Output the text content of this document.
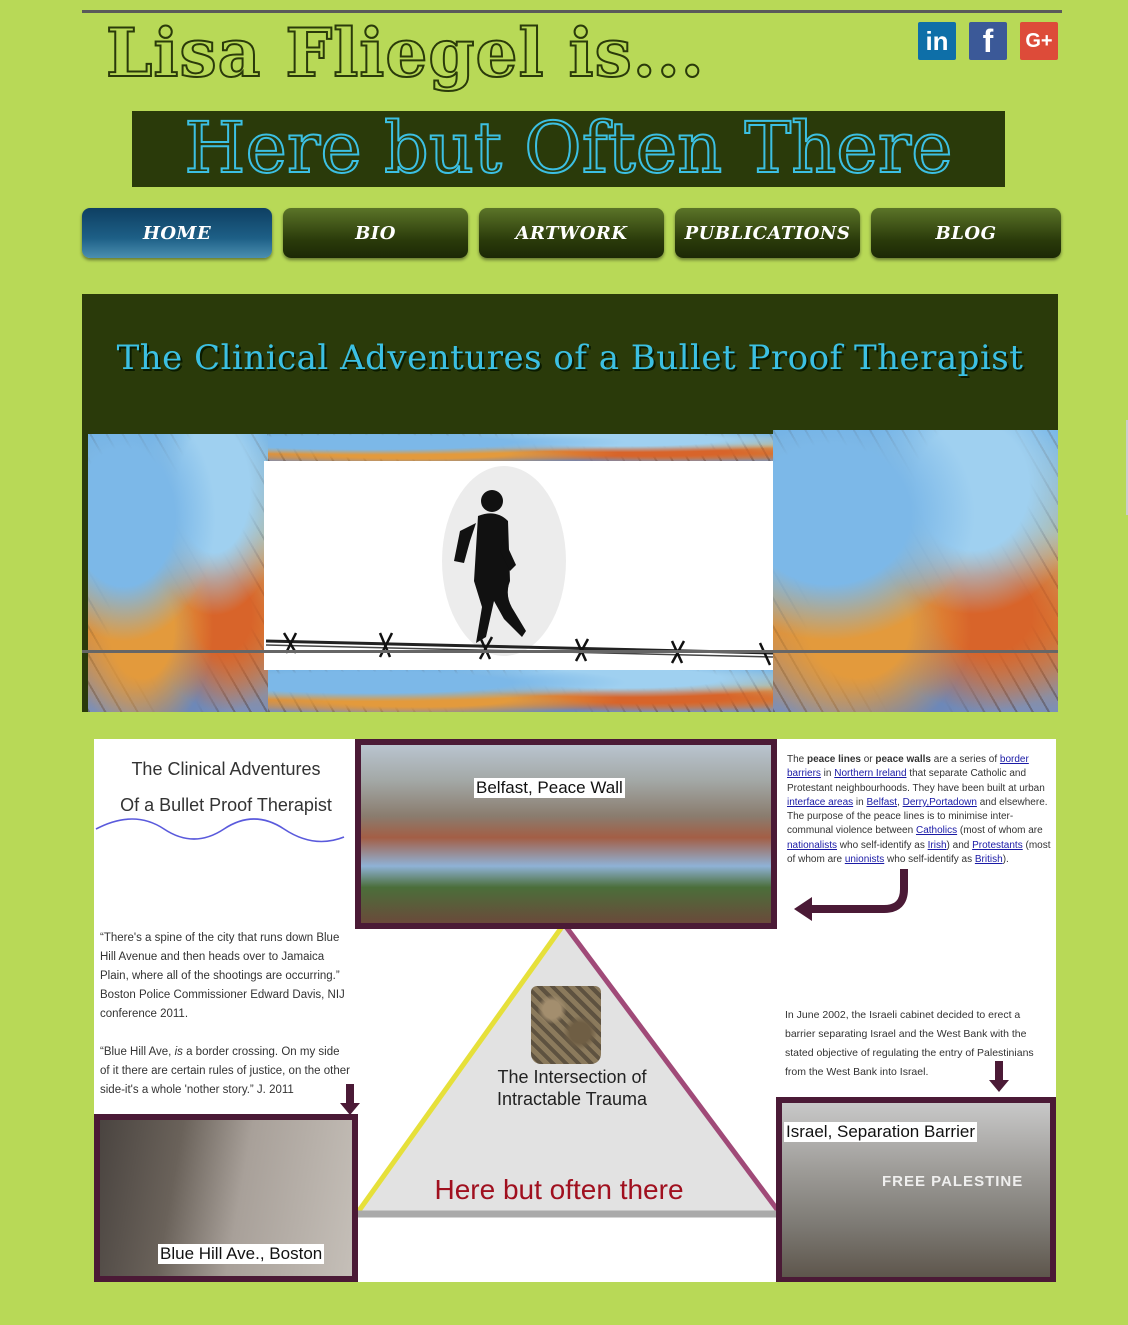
Lisa Fliegel is...	in	f	G+
Here but Often There
HOME	BIO	ARTWORK	PUBLICATIONS	BLOG
The Clinical Adventures of a Bullet Proof Therapist
The Clinical Adventures
Of a Bullet Proof Therapist
“There's a spine of the city that runs down Blue Hill Avenue and then heads over to Jamaica Plain, where all of the shootings are occurring.” Boston Police Commissioner Edward Davis, NIJ conference 2011.
“Blue Hill Ave, is a border crossing. On my side of it there are certain rules of justice, on the other side-it's a whole 'nother story.” J. 2011
Belfast, Peace Wall
Blue Hill Ave., Boston
Israel, Separation Barrier
FREE PALESTINE
The peace lines or peace walls are a series of border barriers in Northern Ireland that separate Catholic and Protestant neighbourhoods. They have been built at urban interface areas in Belfast, Derry,Portadown and elsewhere. The purpose of the peace lines is to minimise inter-communal violence between Catholics (most of whom are nationalists who self-identify as Irish) and Protestants (most of whom are unionists who self-identify as British).
In June 2002, the Israeli cabinet decided to erect a barrier separating Israel and the West Bank with the stated objective of regulating the entry of Palestinians from the West Bank into Israel.
The Intersection of
Intractable Trauma
Here but often there
